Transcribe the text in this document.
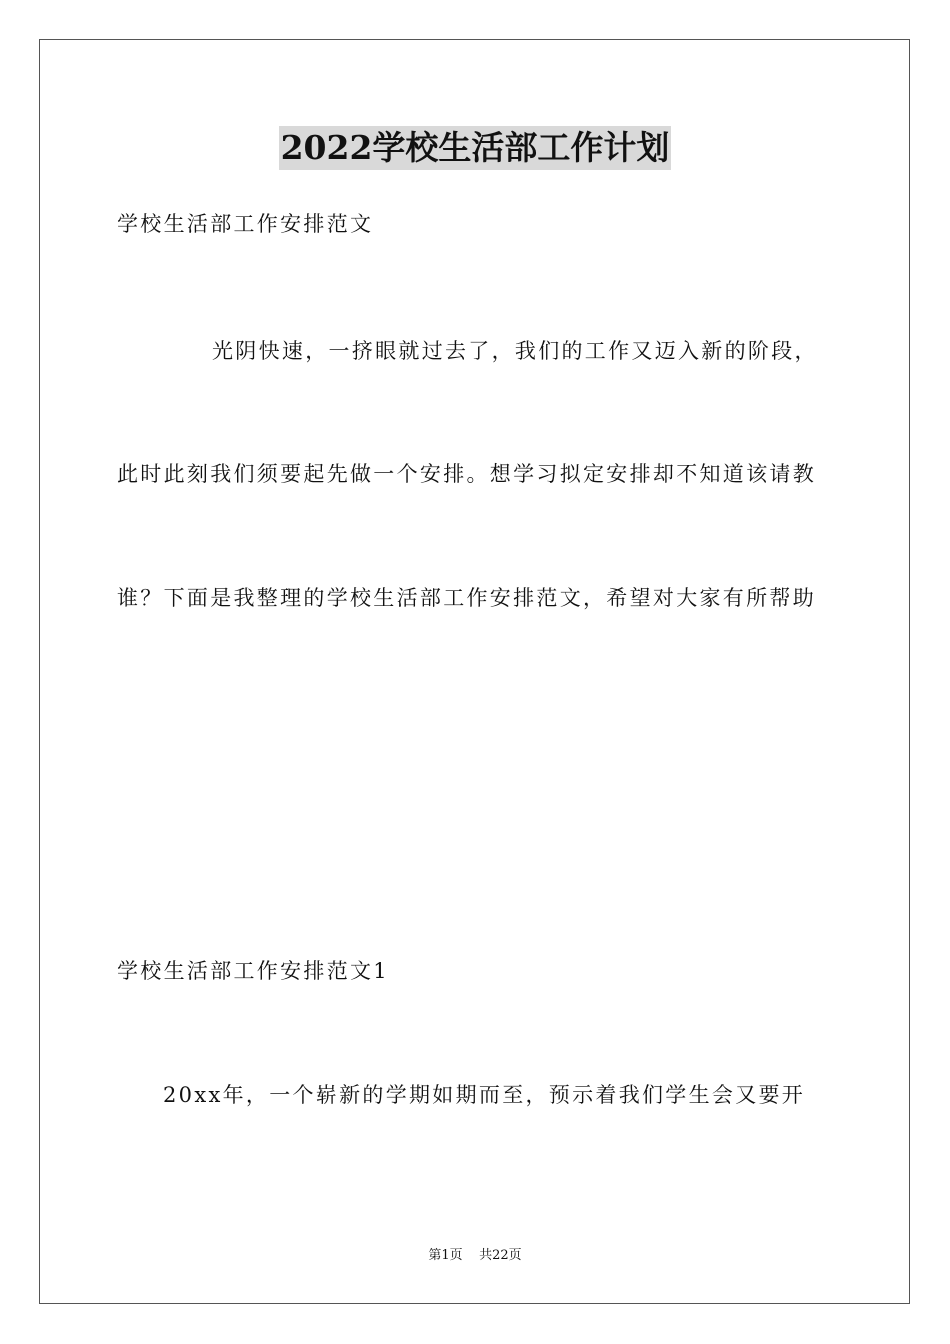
2022学校生活部工作计划
学校生活部工作安排范文
光阴快速，一挤眼就过去了，我们的工作又迈入新的阶段，
此时此刻我们须要起先做一个安排。想学习拟定安排却不知道该请教
谁？下面是我整理的学校生活部工作安排范文，希望对大家有所帮助
学校生活部工作安排范文1
20xx年，一个崭新的学期如期而至，预示着我们学生会又要开
第1页 共22页
